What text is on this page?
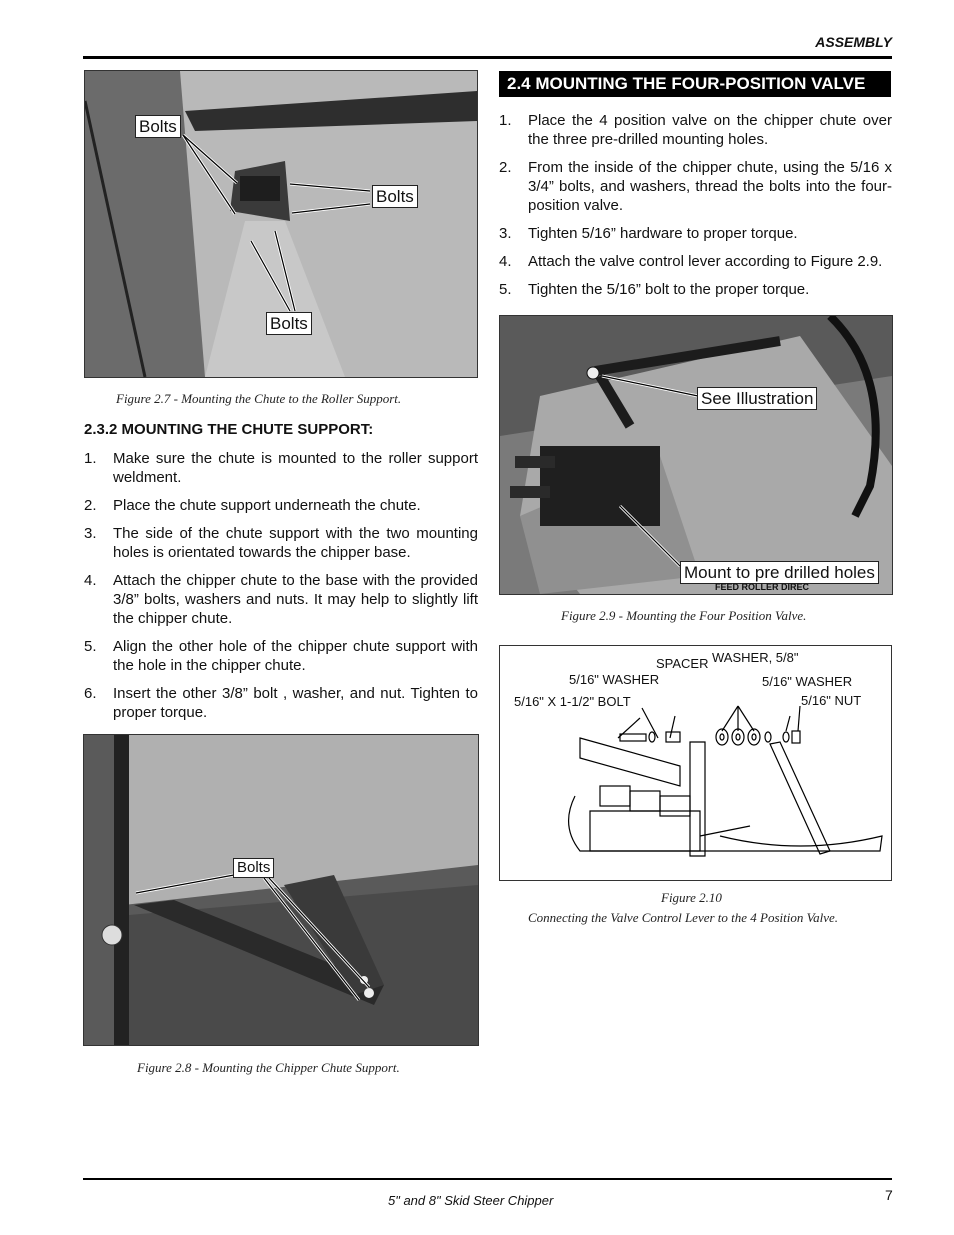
ASSEMBLY
Bolts
Bolts
Bolts
Figure 2.7 - Mounting the Chute to the Roller Support.
2.3.2 MOUNTING THE CHUTE SUPPORT:
1. Make sure the chute is mounted to the roller support weldment.
2. Place the chute support underneath the chute.
3. The side of the chute support with the two mounting holes is orientated towards the chipper base.
4. Attach the chipper chute to the base with the provided 3/8” bolts, washers and nuts. It may help to slightly lift the chipper chute.
5. Align the other hole of the chipper chute support with the hole in the chipper chute.
6. Insert the other 3/8” bolt , washer, and nut. Tighten to proper torque.
Bolts
Figure 2.8 - Mounting the Chipper Chute Support.
2.4 MOUNTING THE FOUR-POSITION VALVE
1. Place the 4 position valve on the chipper chute over the three pre-drilled mounting holes.
2. From the inside of the chipper chute, using the 5/16 x 3/4” bolts, and washers, thread the bolts into the four-position valve.
3. Tighten 5/16” hardware to proper torque.
4. Attach the valve control lever according to Figure 2.9.
5. Tighten the 5/16” bolt to the proper torque.
See Illustration
Mount to pre drilled holes
FEED ROLLER DIREC
Figure 2.9 - Mounting the Four Position Valve.
SPACER WASHER, 5/8"
5/16" WASHER	5/16" WASHER
5/16" X 1-1/2" BOLT	5/16" NUT
Figure 2.10
Connecting the Valve Control Lever to the 4 Position Valve.
5" and 8" Skid Steer Chipper	7
